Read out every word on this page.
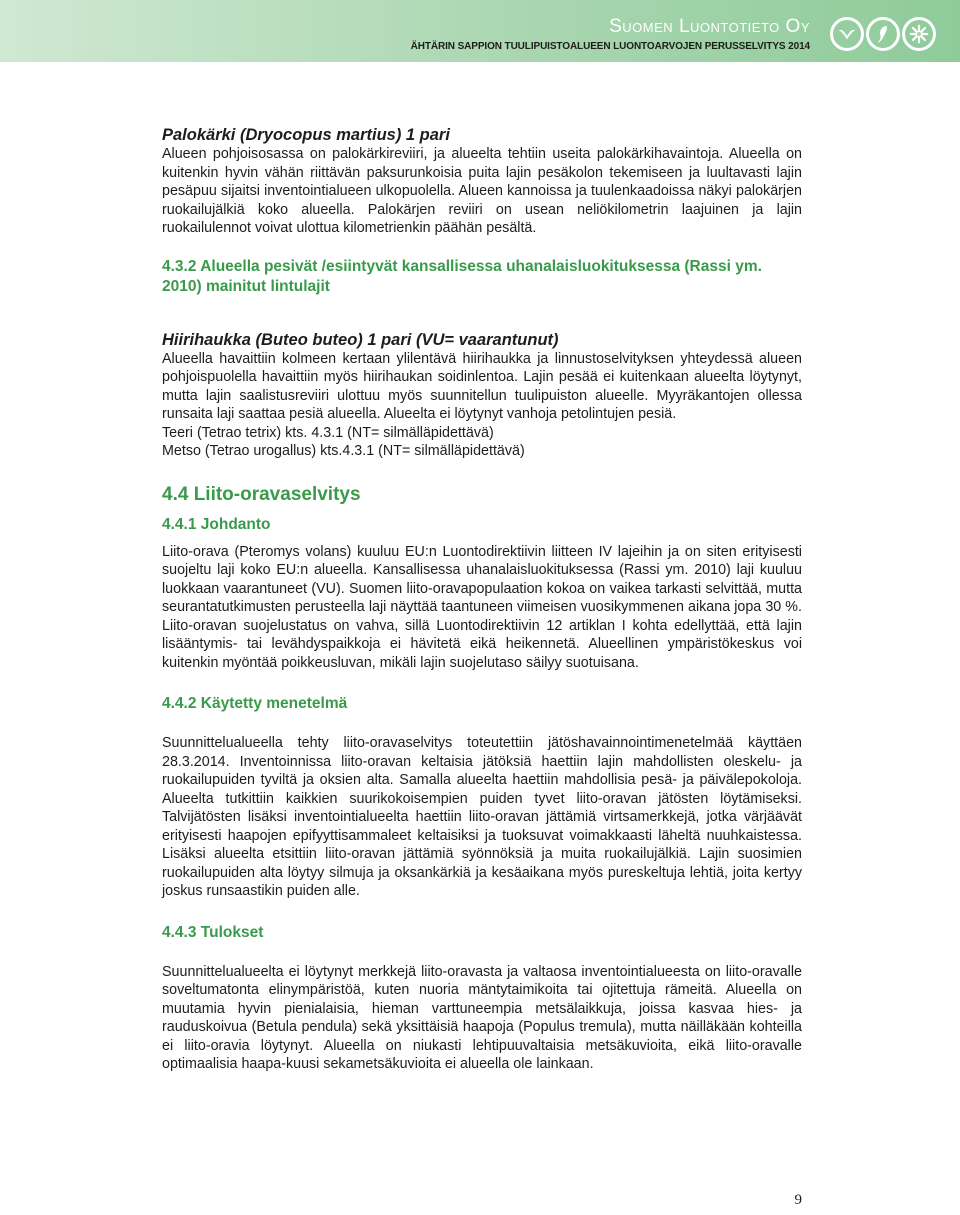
Suomen Luontotieto Oy
ÄHTÄRIN SAPPION TUULIPUISTOALUEEN LUONTOARVOJEN PERUSSELVITYS 2014
Palokärki (Dryocopus martius) 1 pari

Alueen pohjoisosassa on palokärkireviiri, ja alueelta tehtiin useita palokärkihavaintoja. Alueella on kuitenkin hyvin vähän riittävän paksurunkoisia puita lajin pesäkolon tekemiseen ja luultavasti lajin pesäpuu sijaitsi inventointialueen ulkopuolella. Alueen kannoissa ja tuulenkaadoissa näkyi palokärjen ruokailujälkiä koko alueella. Palokärjen reviiri on usean neliökilometrin laajuinen ja lajin ruokailulennot voivat ulottua kilometrienkin päähän pesältä.

4.3.2 Alueella pesivät /esiintyvät kansallisessa uhanalaisluokituksessa (Rassi ym. 2010) mainitut lintulajit
Hiirihaukka (Buteo buteo) 1 pari (VU= vaarantunut)

Alueella havaittiin kolmeen kertaan ylilentävä hiirihaukka ja linnustoselvityksen yhteydessä alueen pohjoispuolella havaittiin myös hiirihaukan soidinlentoa. Lajin pesää ei kuitenkaan alueelta löytynyt, mutta lajin saalistusreviiri ulottuu myös suunnitellun tuulipuiston alueelle. Myyräkantojen ollessa runsaita laji saattaa pesiä alueella. Alueelta ei löytynyt vanhoja petolintujen pesiä.

Teeri (Tetrao tetrix) kts. 4.3.1 (NT= silmälläpidettävä)

Metso (Tetrao urogallus) kts.4.3.1 (NT= silmälläpidettävä)

4.4 Liito-oravaselvitys
4.4.1 Johdanto

Liito-orava (Pteromys volans) kuuluu EU:n Luontodirektiivin liitteen IV lajeihin ja on siten erityisesti suojeltu laji koko EU:n alueella. Kansallisessa uhanalaisluokituksessa (Rassi ym. 2010) laji kuuluu luokkaan vaarantuneet (VU). Suomen liito-oravapopulaation kokoa on vaikea tarkasti selvittää, mutta seurantatutkimusten perusteella laji näyttää taantuneen viimeisen vuosikymmenen aikana jopa 30 %. Liito-oravan suojelustatus on vahva, sillä Luontodirektiivin 12 artiklan I kohta edellyttää, että lajin lisääntymis- tai levähdyspaikkoja ei hävitetä eikä heikennetä. Alueellinen ympäristökeskus voi kuitenkin myöntää poikkeusluvan, mikäli lajin suojelutaso säilyy suotuisana.

4.4.2 Käytetty menetelmä

Suunnittelualueella tehty liito-oravaselvitys toteutettiin jätöshavainnointimenetelmää käyttäen 28.3.2014. Inventoinnissa liito-oravan keltaisia jätöksiä haettiin lajin mahdollisten oleskelu- ja ruokailupuiden tyviltä ja oksien alta. Samalla alueelta haettiin mahdollisia pesä- ja päivälepokoloja. Alueelta tutkittiin kaikkien suurikokoisempien puiden tyvet liito-oravan jätösten löytämiseksi. Talvijätösten lisäksi inventointialueelta haettiin liito-oravan jättämiä virtsamerkkejä, jotka värjäävät erityisesti haapojen epifyyttisammaleet keltaisiksi ja tuoksuvat voimakkaasti läheltä nuuhkaistessa. Lisäksi alueelta etsittiin liito-oravan jättämiä syönnöksiä ja muita ruokailujälkiä. Lajin suosimien ruokailupuiden alta löytyy silmuja ja oksankärkiä ja kesäaikana myös pureskeltuja lehtiä, joita kertyy joskus runsaastikin puiden alle.

4.4.3 Tulokset

Suunnittelualueelta ei löytynyt merkkejä liito-oravasta ja valtaosa inventointialueesta on liito-oravalle soveltumatonta elinympäristöä, kuten nuoria mäntytaimikoita tai ojitettuja rämeitä. Alueella on muutamia hyvin pienialaisia, hieman varttuneempia metsälaikkuja, joissa kasvaa hies- ja rauduskoivua (Betula pendula) sekä yksittäisiä haapoja (Populus tremula), mutta näilläkään kohteilla ei liito-oravia löytynyt. Alueella on niukasti lehtipuuvaltaisia metsäkuvioita, eikä liito-oravalle optimaalisia haapa-kuusi sekametsäkuvioita ei alueella ole lainkaan.

9
